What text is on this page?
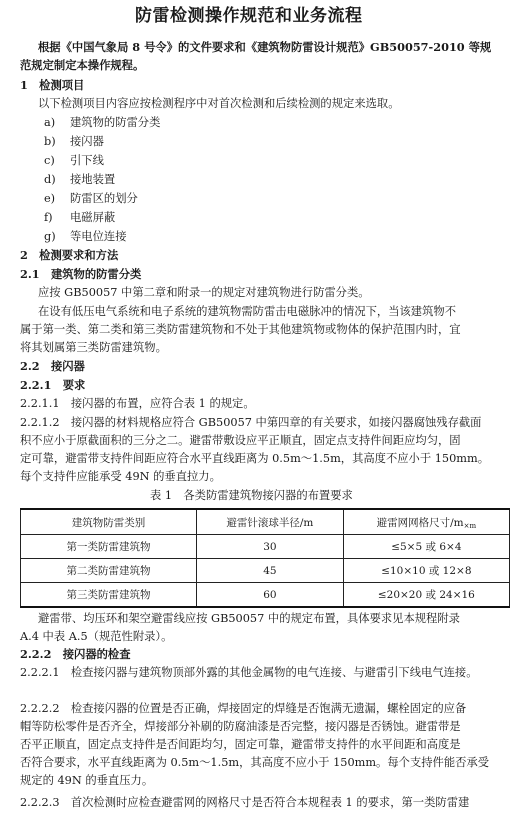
防雷检测操作规范和业务流程
根据《中国气象局 8 号令》的文件要求和《建筑物防雷设计规范》GB50057-2010 等规
范规定制定本操作规程。
1　检测项目
以下检测项目内容应按检测程序中对首次检测和后续检测的规定来选取。
a) 建筑物的防雷分类
b) 接闪器
c) 引下线
d) 接地装置
e) 防雷区的划分
f) 电磁屏蔽
g) 等电位连接
2　检测要求和方法
2.1　建筑物的防雷分类
应按 GB50057 中第二章和附录一的规定对建筑物进行防雷分类。
在设有低压电气系统和电子系统的建筑物需防雷击电磁脉冲的情况下，当该建筑物不
属于第一类、第二类和第三类防雷建筑物和不处于其他建筑物或物体的保护范围内时，宜
将其划属第三类防雷建筑物。
2.2　接闪器
2.2.1　要求
2.2.1.1　接闪器的布置，应符合表 1 的规定。
2.2.1.2　接闪器的材料规格应符合 GB50057 中第四章的有关要求，如接闪器腐蚀残存截面
积不应小于原截面积的三分之二。避雷带敷设应平正顺直，固定点支持件间距应均匀，固
定可靠，避雷带支持件间距应符合水平直线距离为 0.5m～1.5m，其高度不应小于 150mm。
每个支持件应能承受 49N 的垂直拉力。
表 1　各类防雷建筑物接闪器的布置要求
建筑物防雷类别	避雷针滚球半径/m	避雷网网格尺寸$/m_{\times m}$
第一类防雷建筑物	30	≤5×5 或 6×4
第二类防雷建筑物	45	≤10×10 或 12×8
第三类防雷建筑物	60	≤20×20 或 24×16
避雷带、均压环和架空避雷线应按 GB50057 中的规定布置，具体要求见本规程附录
A.4 中表 A.5（规范性附录）。
2.2.2　接闪器的检查
2.2.2.1　检查接闪器与建筑物顶部外露的其他金属物的电气连接、与避雷引下线电气连接。
2.2.2.2　检查接闪器的位置是否正确，焊接固定的焊缝是否饱满无遗漏，螺栓固定的应备
帽等防松零件是否齐全，焊接部分补刷的防腐油漆是否完整，接闪器是否锈蚀。避雷带是
否平正顺直，固定点支持件是否间距均匀，固定可靠，避雷带支持件的水平间距和高度是
否符合要求，水平直线距离为 0.5m～1.5m，其高度不应小于 150mm。每个支持件能否承受
规定的 49N 的垂直压力。
2.2.2.3　首次检测时应检查避雷网的网格尺寸是否符合本规程表 1 的要求，第一类防雷建
